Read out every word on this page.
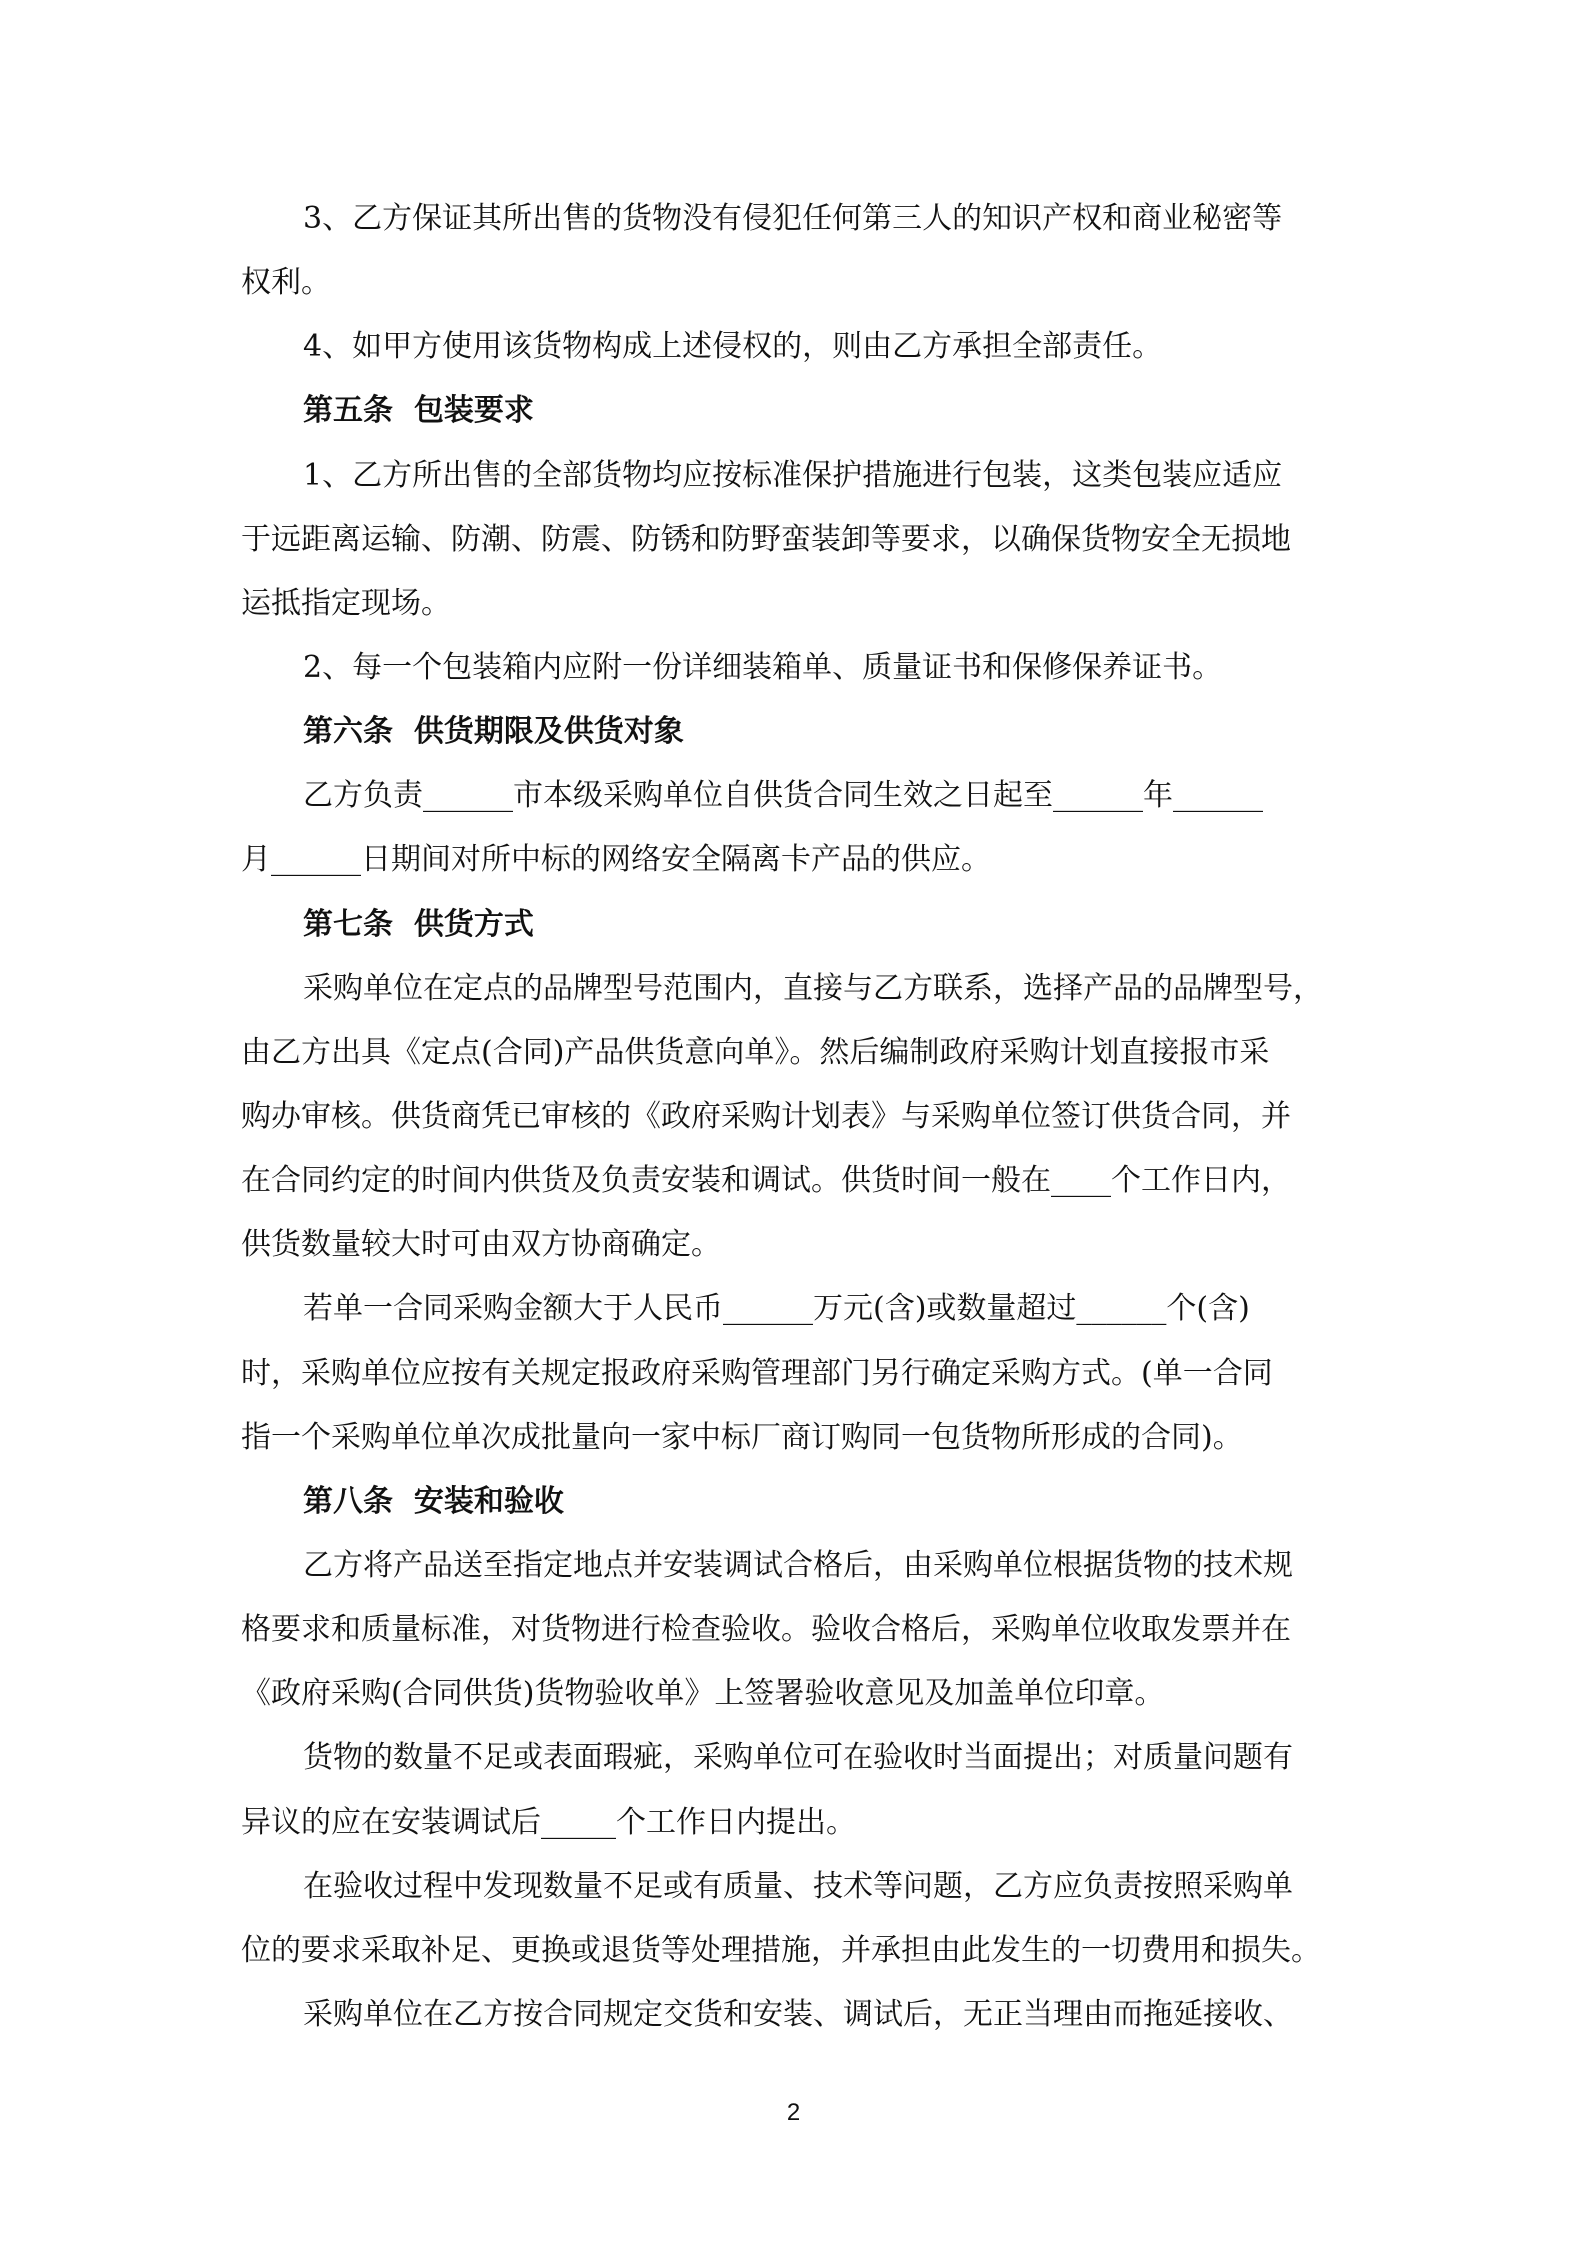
3、乙方保证其所出售的货物没有侵犯任何第三人的知识产权和商业秘密等
权利。
4、如甲方使用该货物构成上述侵权的，则由乙方承担全部责任。
第五条  包装要求
1、乙方所出售的全部货物均应按标准保护措施进行包装，这类包装应适应
于远距离运输、防潮、防震、防锈和防野蛮装卸等要求，以确保货物安全无损地
运抵指定现场。
2、每一个包装箱内应附一份详细装箱单、质量证书和保修保养证书。
第六条  供货期限及供货对象
乙方负责______市本级采购单位自供货合同生效之日起至______年______
月______日期间对所中标的网络安全隔离卡产品的供应。
第七条  供货方式
采购单位在定点的品牌型号范围内，直接与乙方联系，选择产品的品牌型号，
由乙方出具《定点(合同)产品供货意向单》。然后编制政府采购计划直接报市采
购办审核。供货商凭已审核的《政府采购计划表》与采购单位签订供货合同，并
在合同约定的时间内供货及负责安装和调试。供货时间一般在____个工作日内，
供货数量较大时可由双方协商确定。
若单一合同采购金额大于人民币______万元(含)或数量超过______个(含)
时，采购单位应按有关规定报政府采购管理部门另行确定采购方式。(单一合同
指一个采购单位单次成批量向一家中标厂商订购同一包货物所形成的合同)。
第八条  安装和验收
乙方将产品送至指定地点并安装调试合格后，由采购单位根据货物的技术规
格要求和质量标准，对货物进行检查验收。验收合格后，采购单位收取发票并在
《政府采购(合同供货)货物验收单》上签署验收意见及加盖单位印章。
货物的数量不足或表面瑕疵，采购单位可在验收时当面提出；对质量问题有
异议的应在安装调试后_____个工作日内提出。
在验收过程中发现数量不足或有质量、技术等问题，乙方应负责按照采购单
位的要求采取补足、更换或退货等处理措施，并承担由此发生的一切费用和损失。
采购单位在乙方按合同规定交货和安装、调试后，无正当理由而拖延接收、
2
